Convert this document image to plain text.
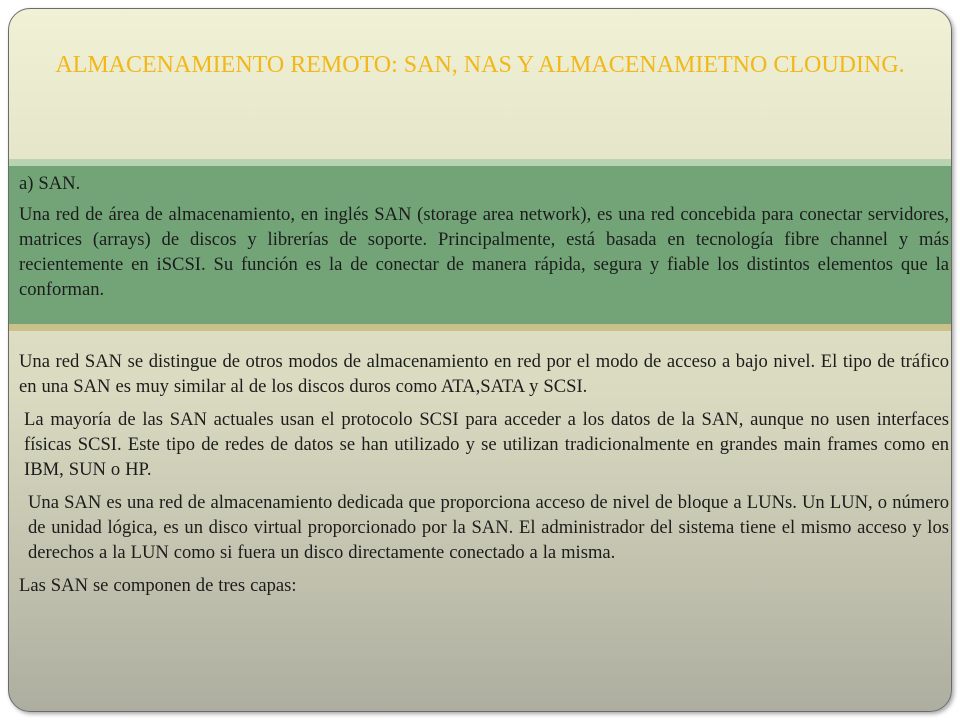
ALMACENAMIENTO REMOTO: SAN, NAS Y ALMACENAMIETNO CLOUDING.

a) SAN.

Una red de área de almacenamiento, en inglés SAN (storage area network), es una red concebida para conectar servidores, matrices (arrays) de discos y librerías de soporte. Principalmente, está basada en tecnología fibre channel y más recientemente en iSCSI. Su función es la de conectar de manera rápida, segura y fiable los distintos elementos que la conforman.

Una red SAN se distingue de otros modos de almacenamiento en red por el modo de acceso a bajo nivel. El tipo de tráfico en una SAN es muy similar al de los discos duros como ATA,SATA y SCSI.

La mayoría de las SAN actuales usan el protocolo SCSI para acceder a los datos de la SAN, aunque no usen interfaces físicas SCSI. Este tipo de redes de datos se han utilizado y se utilizan tradicionalmente en grandes main frames como en IBM, SUN o HP.

Una SAN es una red de almacenamiento dedicada que proporciona acceso de nivel de bloque a LUNs. Un LUN, o número de unidad lógica, es un disco virtual proporcionado por la SAN. El administrador del sistema tiene el mismo acceso y los derechos a la LUN como si fuera un disco directamente conectado a la misma.

Las SAN se componen de tres capas:
